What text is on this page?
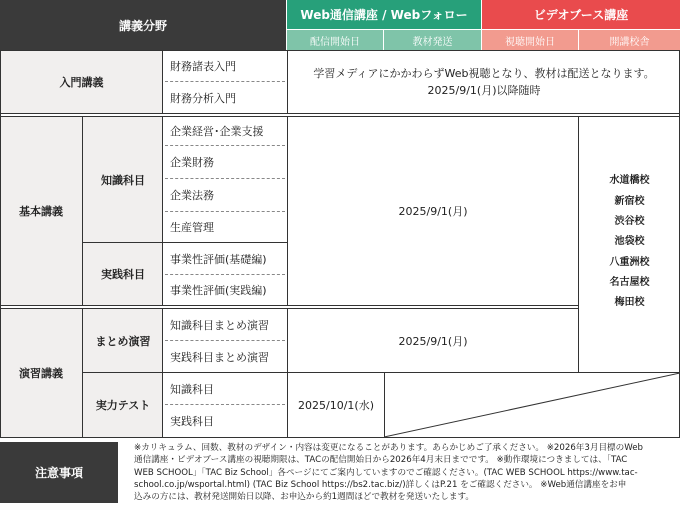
講義分野
Web通信講座 / Webフォロー
配信開始日	教材発送
ビデオブース講座
視聴開始日	開講校舎
入門講義
財務諸表入門
財務分析入門
学習メディアにかかわらずWeb視聴となり、教材は配送となります。
2025/9/1(月)以降随時
基本講義
知識科目
実践科目
企業経営･企業支援
企業財務
企業法務
生産管理
事業性評価(基礎編)
事業性評価(実践編)
2025/9/1(月)
水道橋校
新宿校
渋谷校
池袋校
八重洲校
名古屋校
梅田校
演習講義
まとめ演習
実力テスト
知識科目まとめ演習
実践科目まとめ演習
知識科目
実践科目
2025/9/1(月)
2025/10/1(水)
注意事項
※カリキュラム、回数、教材のデザイン・内容は変更になることがあります。あらかじめご了承ください。 ※2026年3月目標のWeb
通信講座・ビデオブース講座の視聴期限は、TACの配信開始日から2026年4月末日までです。 ※動作環境につきましては、「TAC
WEB SCHOOL」「TAC Biz School」各ページにてご案内していますのでご確認ください。(TAC WEB SCHOOL https://www.tac-
school.co.jp/wsportal.html) (TAC Biz School https://bs2.tac.biz/)詳しくはP.21 をご確認ください。 ※Web通信講座をお申
込みの方には、教材発送開始日以降、お申込から約1週間ほどで教材を発送いたします。
